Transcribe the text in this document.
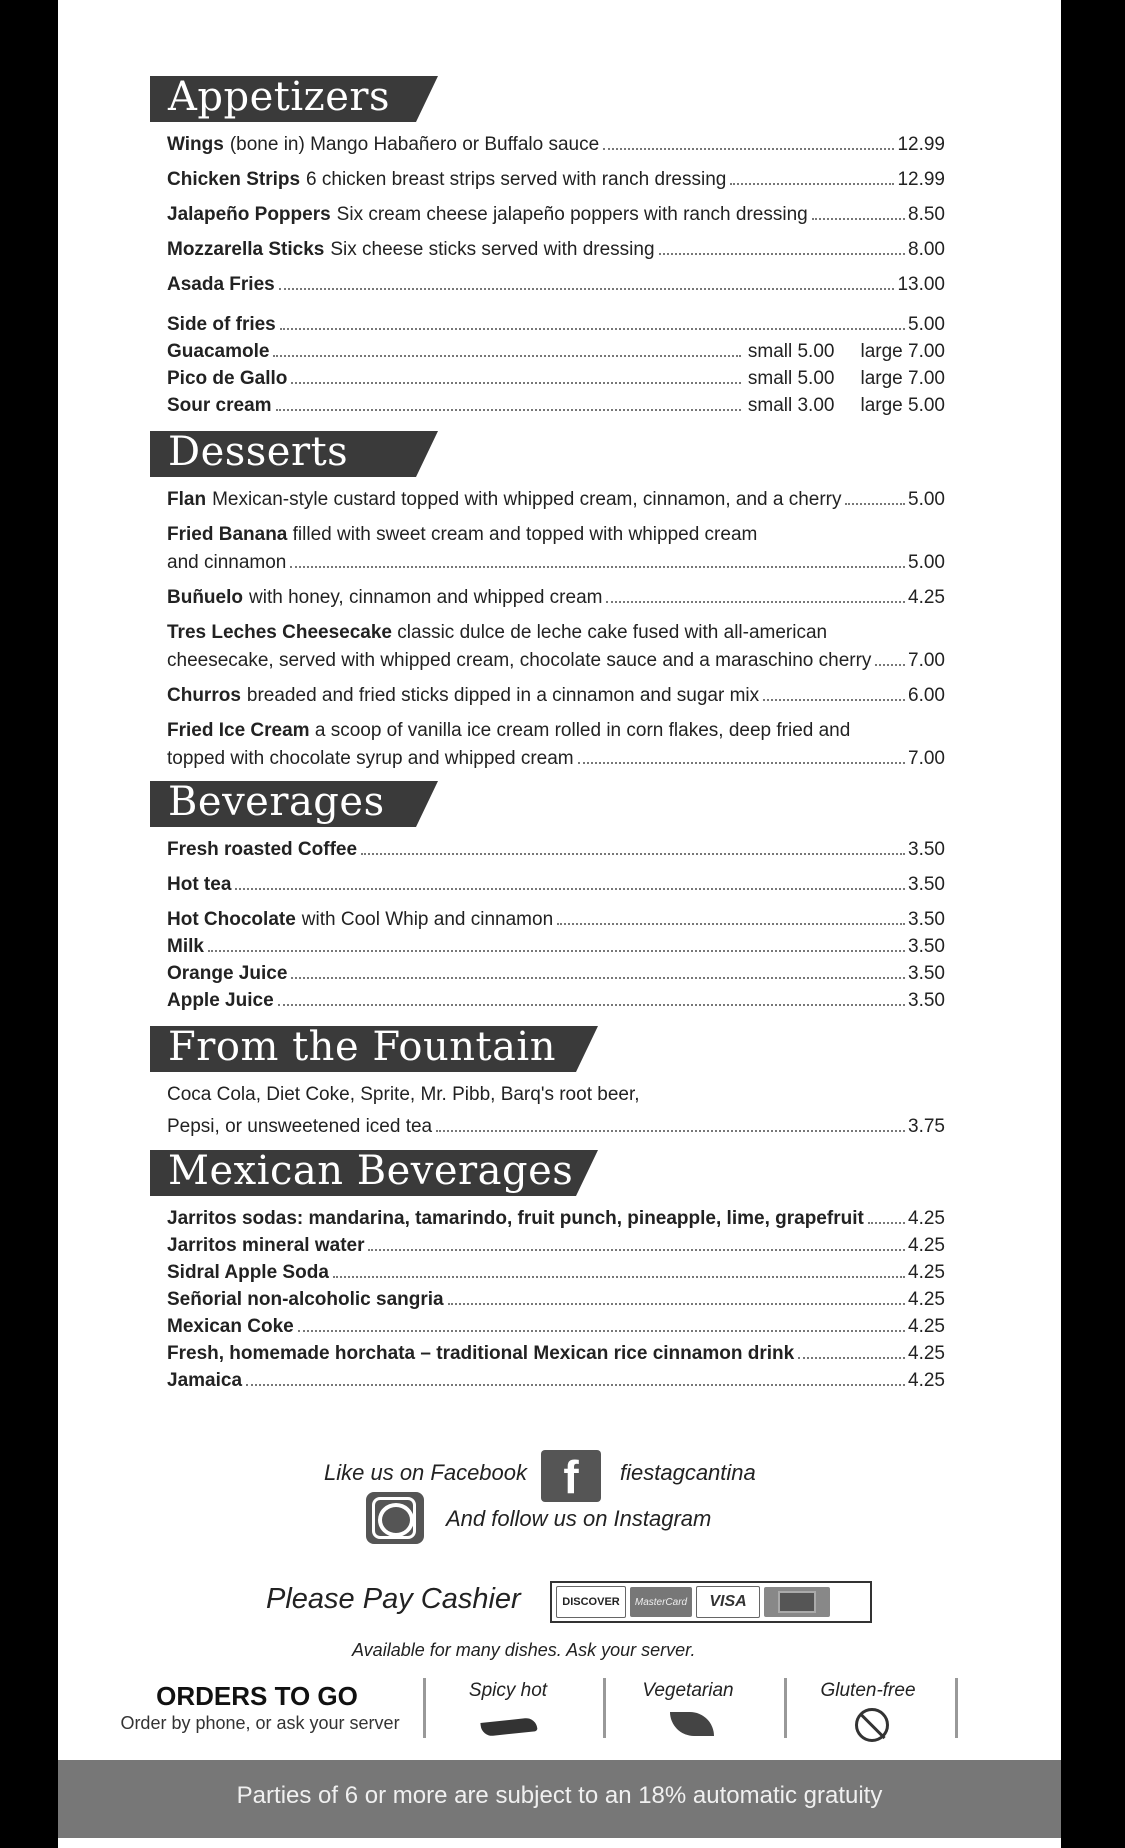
Appetizers
Wings (bone in) Mango Habañero or Buffalo sauce	12.99
Chicken Strips 6 chicken breast strips served with ranch dressing	12.99
Jalapeño Poppers Six cream cheese jalapeño poppers with ranch dressing	8.50
Mozzarella Sticks Six cheese sticks served with dressing	8.00
Asada Fries	13.00
Side of fries	5.00
Guacamole	small 5.00 large 7.00
Pico de Gallo	small 5.00 large 7.00
Sour cream	small 3.00 large 5.00
Desserts
Flan Mexican-style custard topped with whipped cream, cinnamon, and a cherry	5.00
Fried Banana filled with sweet cream and topped with whipped cream
and cinnamon	5.00
Buñuelo with honey, cinnamon and whipped cream	4.25
Tres Leches Cheesecake classic dulce de leche cake fused with all-american
cheesecake, served with whipped cream, chocolate sauce and a maraschino cherry 7.00
Churros breaded and fried sticks dipped in a cinnamon and sugar mix	6.00
Fried Ice Cream a scoop of vanilla ice cream rolled in corn flakes, deep fried and
topped with chocolate syrup and whipped cream	7.00
Beverages
Fresh roasted Coffee	3.50
Hot tea	3.50
Hot Chocolate with Cool Whip and cinnamon	3.50
Milk	3.50
Orange Juice	3.50
Apple Juice	3.50
From the Fountain
Coca Cola, Diet Coke, Sprite, Mr. Pibb, Barq's root beer,
Pepsi, or unsweetened iced tea	3.75
Mexican Beverages
Jarritos sodas: mandarina, tamarindo, fruit punch, pineapple, lime, grapefruit 4.25
Jarritos mineral water	4.25
Sidral Apple Soda	4.25
Señorial non-alcoholic sangria	4.25
Mexican Coke	4.25
Fresh, homemade horchata – traditional Mexican rice cinnamon drink	4.25
Jamaica	4.25
Like us on Facebook f	fiestagcantina
And follow us on Instagram
Please Pay Cashier	DISCOVER	MasterCard	VISA
Available for many dishes. Ask your server.
ORDERS TO GO
Order by phone, or ask your server
Spicy hot	Vegetarian	Gluten-free
Parties of 6 or more are subject to an 18% automatic gratuity
